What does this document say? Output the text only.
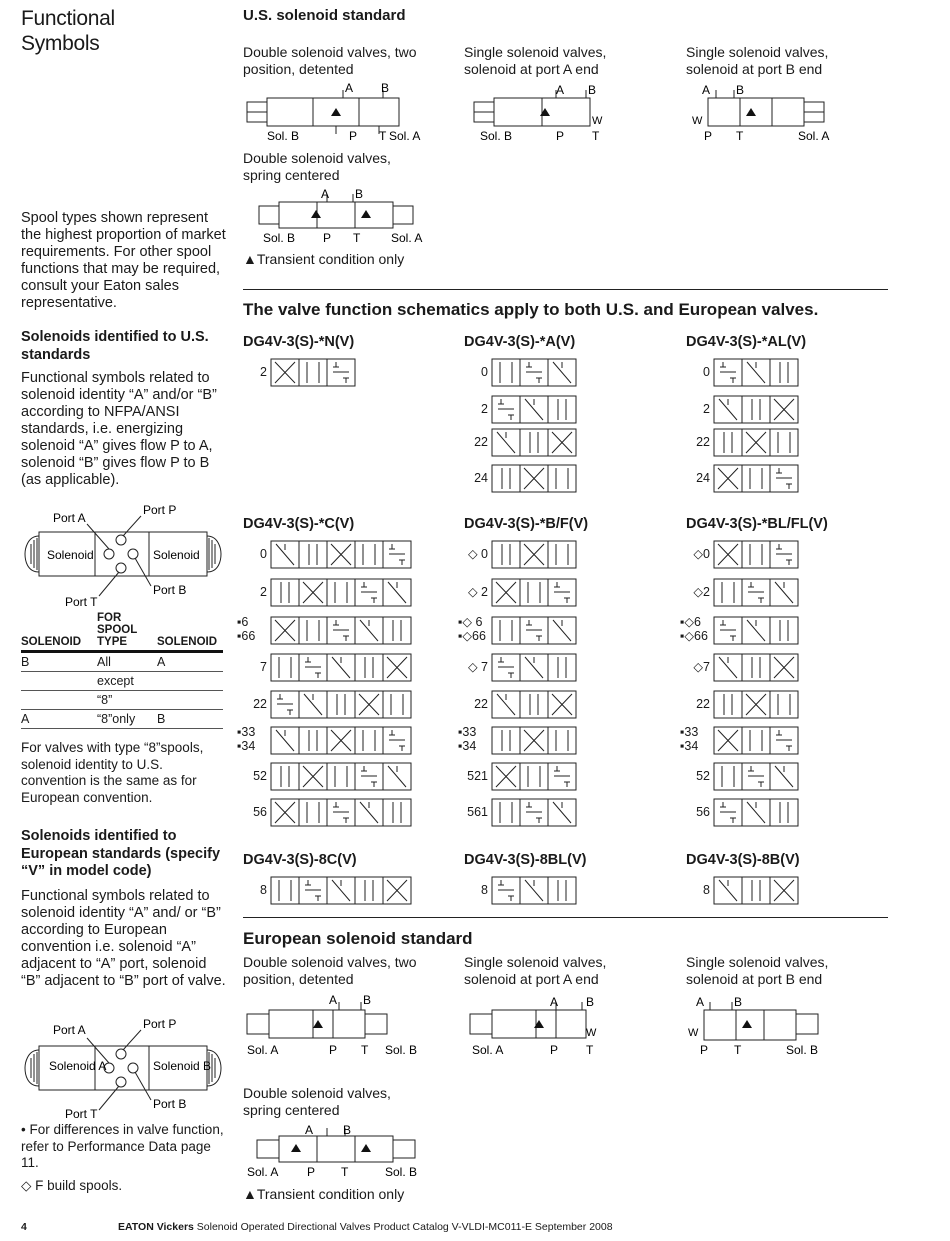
Functional
Symbols
Spool types shown represent the highest proportion of market requirements. For other spool functions that may be required, consult your Eaton sales representative.
Solenoids identified to U.S. standards
Functional symbols related to solenoid identity “A” and/or “B” according to NFPA/ANSI standards, i.e. energizing solenoid “A” gives flow P to A, solenoid “B” gives flow P to B (as applicable).
Solenoid	Solenoid
Port A
Port P
Port T
Port B
SOLENOID	FOR SPOOL TYPE	SOLENOID
B	All	A
	except	
	“8”	
A	“8”only	B
For valves with type “8”spools, solenoid identity to U.S. convention is the same as for European convention.
Solenoids identified to European standards (specify “V” in model code)
Functional symbols related to solenoid identity “A” and/ or “B” according to European convention i.e. solenoid “A” adjacent to “A” port, solenoid “B” adjacent to “B” port of valve.
Solenoid A	Solenoid B
Port A	Port P
Port T
Port B
• For differences in valve function, refer to Performance Data page 11.
◇ F build spools.
U.S. solenoid standard
Double solenoid valves, two position, detented
Single solenoid valves, solenoid at port A end
Single solenoid valves, solenoid at port B end
Double solenoid valves, spring centered
A B
Sol. B	P T Sol. A
A B
W
Sol. B	P T
A B
W
P T	Sol. A
A B
Sol. B P T	Sol. A
▲Transient condition only
The valve function schematics apply to both U.S. and European valves.
DG4V-3(S)-*N(V)
2
DG4V-3(S)-*A(V)
0
2
22
24
DG4V-3(S)-*AL(V)
0
2
22
24
DG4V-3(S)-*C(V)
0
2
▪6
▪66
7
22
▪33
▪34
52
56
DG4V-3(S)-*B/F(V)
◇ 0
◇ 2
▪◇ 6
▪◇66
◇ 7
22
▪33
▪34
521
561
DG4V-3(S)-*BL/FL(V)
◇0
◇2
▪◇6
▪◇66
◇7
22
▪33
▪34
52
56
DG4V-3(S)-8C(V)
8
DG4V-3(S)-8BL(V)
8
DG4V-3(S)-8B(V)
8
European solenoid standard
Double solenoid valves, two position, detented
Single solenoid valves, solenoid at port A end
Single solenoid valves, solenoid at port B end
Double solenoid valves, spring centered
A B
Sol. A	P T Sol. B
A B
W
Sol. A	P T
A B
W
P T	Sol. B
A B
Sol. A P T	Sol. B
▲Transient condition only
4	EATON Vickers Solenoid Operated Directional Valves Product Catalog V-VLDI-MC011-E September 2008
